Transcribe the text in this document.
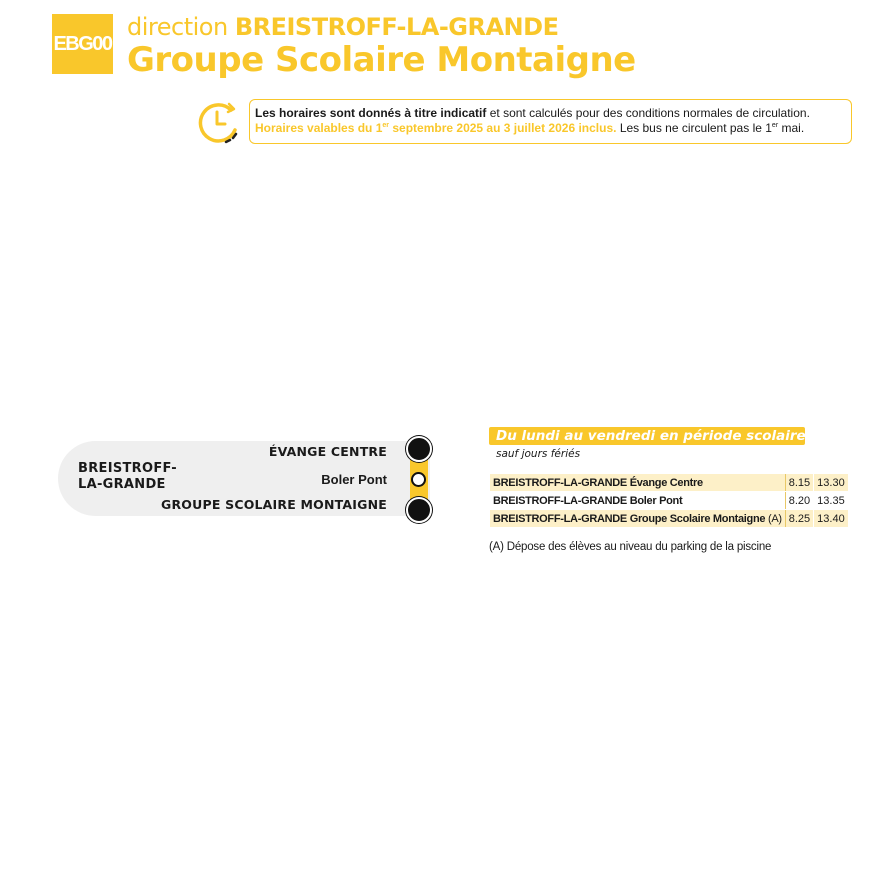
EBG00
direction BREISTROFF-LA-GRANDE
Groupe Scolaire Montaigne
Les horaires sont donnés à titre indicatif et sont calculés pour des conditions normales de circulation.
Horaires valables du 1er septembre 2025 au 3 juillet 2026 inclus. Les bus ne circulent pas le 1er mai.
BREISTROFF-
LA-GRANDE
ÉVANGE CENTRE
Boler Pont
GROUPE SCOLAIRE MONTAIGNE
Du lundi au vendredi en période scolaire
sauf jours fériés
BREISTROFF-LA-GRANDE Évange Centre	8.15	13.30
BREISTROFF-LA-GRANDE Boler Pont	8.20	13.35
BREISTROFF-LA-GRANDE Groupe Scolaire Montaigne (A)	8.25	13.40
(A) Dépose des élèves au niveau du parking de la piscine
